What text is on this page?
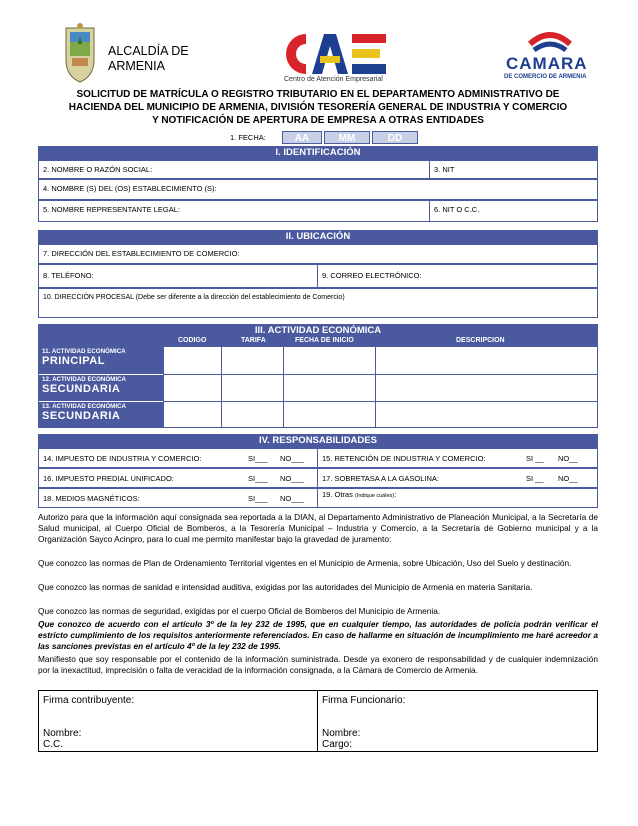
ALCALDÍA DE
ARMENIA
Centro de Atención Empresarial
CAMARA
DE COMERCIO DE ARMENIA
SOLICITUD DE MATRÍCULA O REGISTRO TRIBUTARIO EN EL DEPARTAMENTO ADMINISTRATIVO DE
HACIENDA DEL MUNICIPIO DE ARMENIA, DIVISIÓN TESORERÍA GENERAL DE INDUSTRIA Y COMERCIO
Y NOTIFICACIÓN DE APERTURA DE EMPRESA A OTRAS ENTIDADES
1. FECHA:	AA	MM	DD
I. IDENTIFICACIÓN
2. NOMBRE O RAZÓN SOCIAL:	3. NIT
4. NOMBRE (S) DEL (OS) ESTABLECIMIENTO (S):
5. NOMBRE REPRESENTANTE LEGAL:	6. NIT O C.C.
II. UBICACIÓN
7. DIRECCIÓN DEL ESTABLECIMIENTO DE COMERCIO:
8. TELÉFONO:	9. CORREO ELECTRÓNICO:
10. DIRECCIÓN PROCESAL (Debe ser diferente a la dirección del establecimiento de Comercio)
III. ACTIVIDAD ECONÓMICA
CODIGO	TARIFA	FECHA DE INICIO	DESCRIPCION
11. ACTIVIDAD ECONÓMICA
PRINCIPAL
12. ACTIVIDAD ECONÓMICA
SECUNDARIA
13. ACTIVIDAD ECONÓMICA
SECUNDARIA
IV. RESPONSABILIDADES
14. IMPUESTO DE INDUSTRIA Y COMERCIO:	SI___	NO___	15. RETENCIÓN DE INDUSTRIA Y COMERCIO:	SI __	NO__
16. IMPUESTO PREDIAL UNIFICADO:	SI___	NO___	17. SOBRETASA A LA GASOLINA:	SI __	NO__
18. MEDIOS MAGNÉTICOS:	SI___	NO___	19. Otras (Indique cuáles):
Autorizo para que la información aquí consignada sea reportada a la DIAN, al Departamento Administrativo de Planeación Municipal, a la Secretaría de Salud municipal, al Cuerpo Oficial de Bomberos, a la Tesorería Municipal – Industria y Comercio, a la Secretaría de Gobierno municipal y a la Organización Sayco Acinpro, para lo cual me permito manifestar bajo la gravedad de juramento:
Que conozco las normas de Plan de Ordenamiento Territorial vigentes en el Municipio de Armenia, sobre Ubicación, Uso del Suelo y destinación.
Que conozco las normas de sanidad e intensidad auditiva, exigidas por las autoridades del Municipio de Armenia en materia Sanitaria.
Que conozco las normas de seguridad, exigidas por el cuerpo Oficial de Bomberos del Municipio de Armenia.
Que conozco de acuerdo con el artículo 3º de la ley 232 de 1995, que en cualquier tiempo, las autoridades de policía podrán verificar el estricto cumplimiento de los requisitos anteriormente referenciados. En caso de hallarme en situación de incumplimiento me haré acreedor a las sanciones previstas en el artículo 4º de la ley 232 de 1995.
Manifiesto que soy responsable por el contenido de la información suministrada. Desde ya exonero de responsabilidad y de cualquier indemnización por la inexactitud, imprecisión o falta de veracidad de la información consignada, a la Cámara de Comercio de Armenia.
Firma contribuyente:
Nombre:
C.C.
Firma Funcionario:
Nombre:
Cargo:
